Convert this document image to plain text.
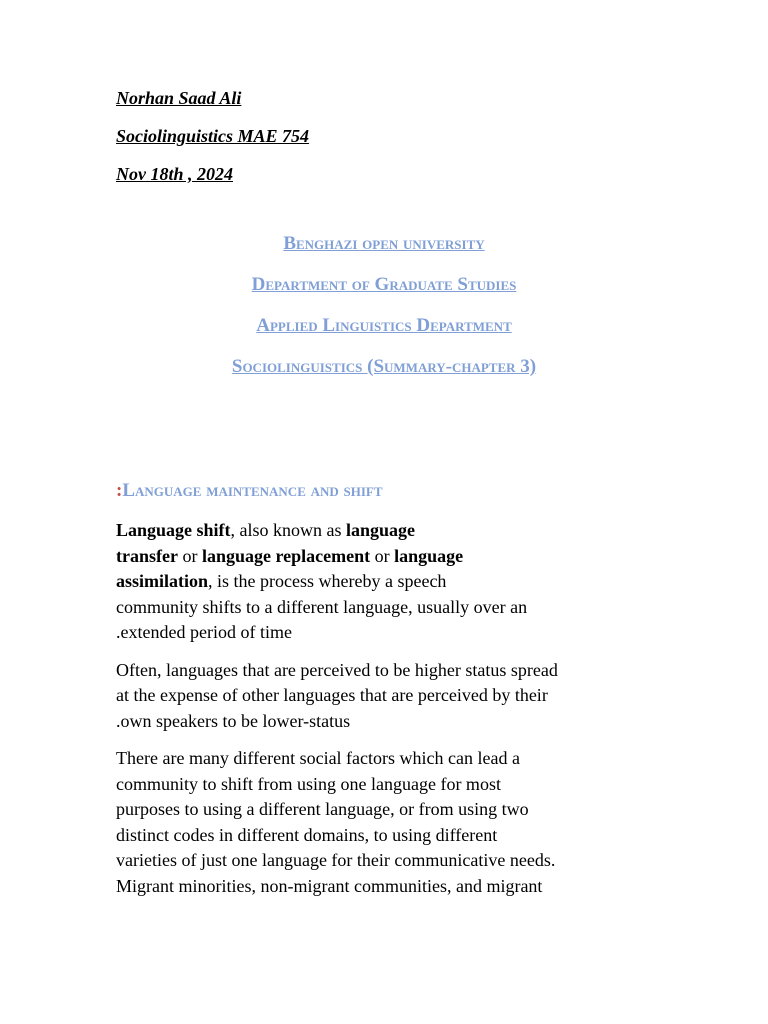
Norhan Saad Ali
Sociolinguistics MAE 754
Nov 18th , 2024
Benghazi open university
Department of Graduate Studies
Applied Linguistics Department
Sociolinguistics (Summary-chapter 3)
:Language maintenance and shift

Language shift, also known as language
transfer or language replacement or language
assimilation, is the process whereby a speech
community shifts to a different language, usually over an
.extended period of time

Often, languages that are perceived to be higher status spread
at the expense of other languages that are perceived by their
.own speakers to be lower-status

There are many different social factors which can lead a
community to shift from using one language for most
purposes to using a different language, or from using two
distinct codes in different domains, to using different
varieties of just one language for their communicative needs.
Migrant minorities, non-migrant communities, and migrant
